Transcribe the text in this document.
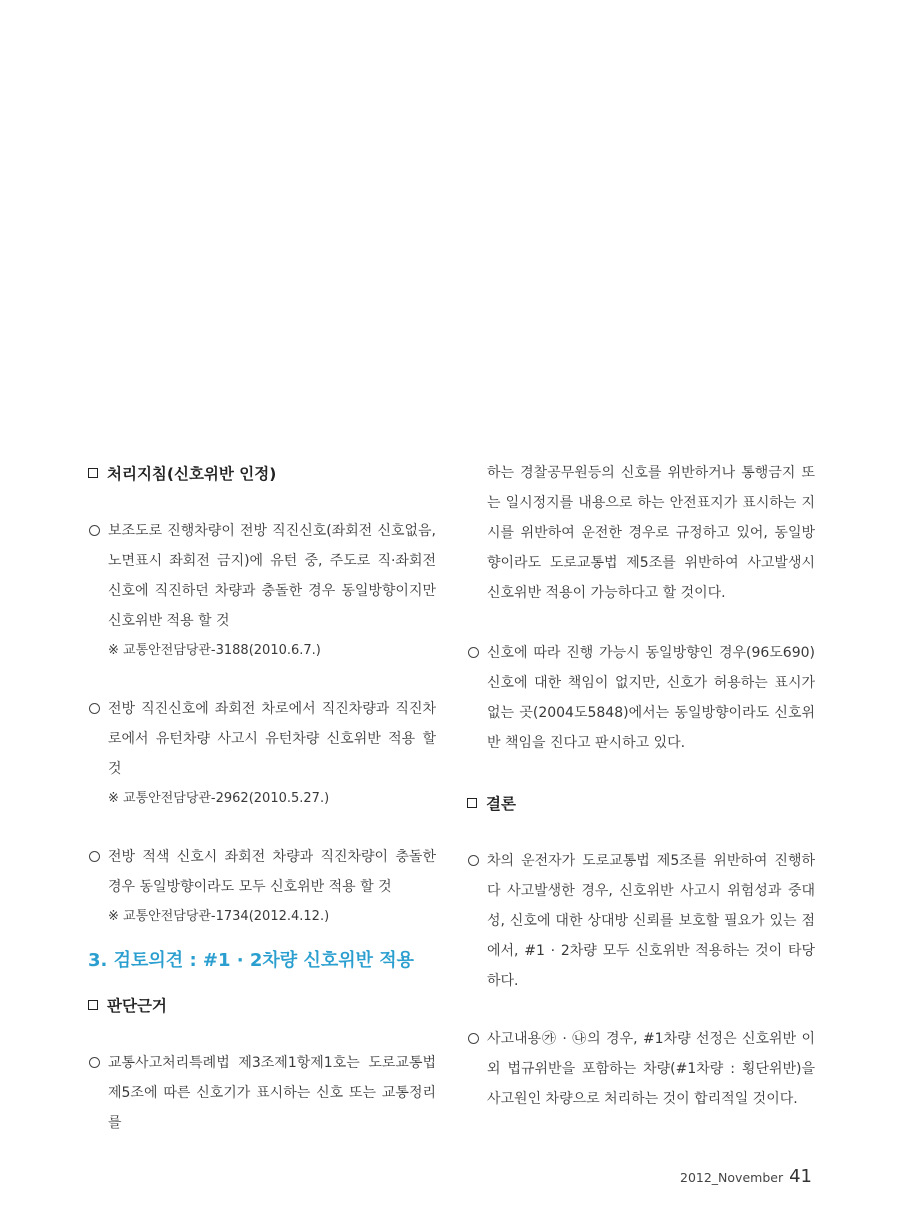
처리지침(신호위반 인정)
보조도로 진행차량이 전방 직진신호(좌회전 신호없음, 노면표시 좌회전 금지)에 유턴 중, 주도로 직·좌회전 신호에 직진하던 차량과 충돌한 경우 동일방향이지만 신호위반 적용 할 것
※ 교통안전담당관-3188(2010.6.7.)
전방 직진신호에 좌회전 차로에서 직진차량과 직진차로에서 유턴차량 사고시 유턴차량 신호위반 적용 할 것
※ 교통안전담당관-2962(2010.5.27.)
전방 적색 신호시 좌회전 차량과 직진차량이 충돌한 경우 동일방향이라도 모두 신호위반 적용 할 것
※ 교통안전담당관-1734(2012.4.12.)
3. 검토의견 : #1 · 2차량 신호위반 적용
판단근거
교통사고처리특례법 제3조제1항제1호는 도로교통법 제5조에 따른 신호기가 표시하는 신호 또는 교통정리를
하는 경찰공무원등의 신호를 위반하거나 통행금지 또는 일시정지를 내용으로 하는 안전표지가 표시하는 지시를 위반하여 운전한 경우로 규정하고 있어, 동일방향이라도 도로교통법 제5조를 위반하여 사고발생시 신호위반 적용이 가능하다고 할 것이다.
신호에 따라 진행 가능시 동일방향인 경우(96도690) 신호에 대한 책임이 없지만, 신호가 허용하는 표시가 없는 곳(2004도5848)에서는 동일방향이라도 신호위반 책임을 진다고 판시하고 있다.
결론
차의 운전자가 도로교통법 제5조를 위반하여 진행하다 사고발생한 경우, 신호위반 사고시 위험성과 중대성, 신호에 대한 상대방 신뢰를 보호할 필요가 있는 점에서, #1 · 2차량 모두 신호위반 적용하는 것이 타당하다.
사고내용㉮ · ㉯의 경우, #1차량 선정은 신호위반 이외 법규위반을 포함하는 차량(#1차량 : 횡단위반)을 사고원인 차량으로 처리하는 것이 합리적일 것이다.
2012_November 41
